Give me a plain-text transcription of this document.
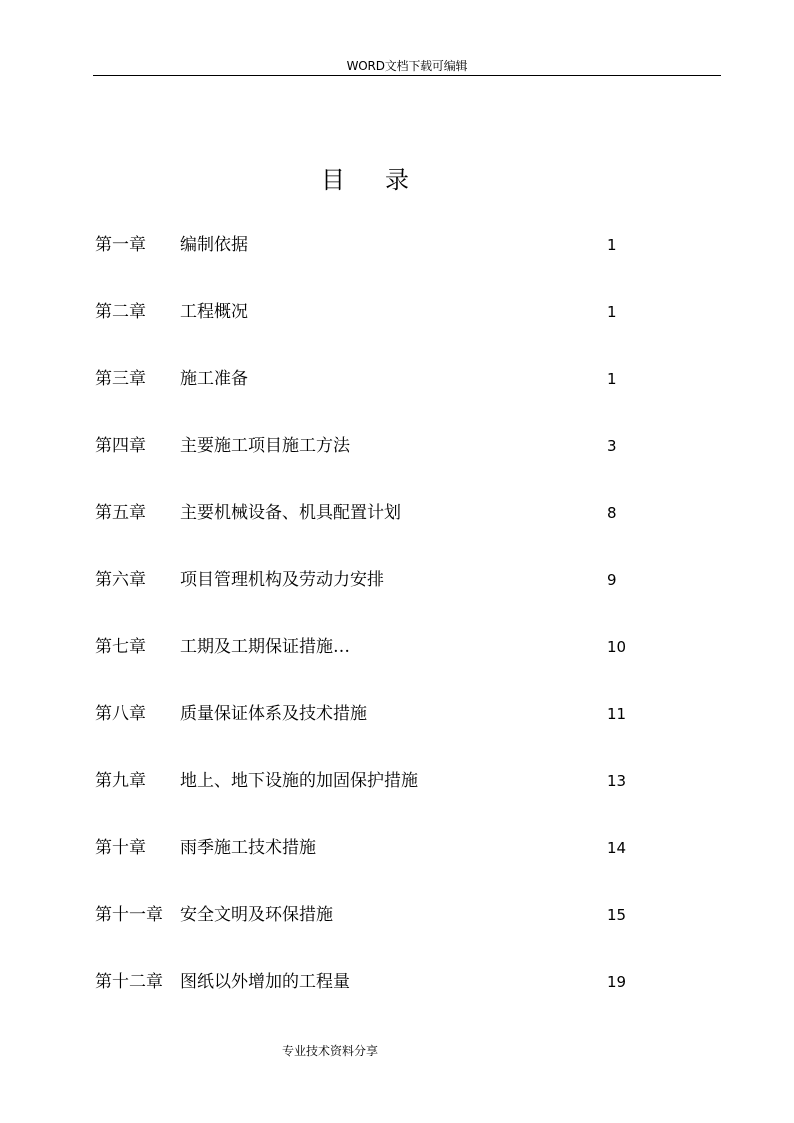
WORD文档下载可编辑
目 录
第一章 编制依据	1
第二章 工程概况	1
第三章 施工准备	1
第四章 主要施工项目施工方法	3
第五章 主要机械设备、机具配置计划	8
第六章 项目管理机构及劳动力安排	9
第七章 工期及工期保证措施…	10
第八章 质量保证体系及技术措施	11
第九章 地上、地下设施的加固保护措施	13
第十章 雨季施工技术措施	14
第十一章 安全文明及环保措施	15
第十二章 图纸以外增加的工程量	19
专业技术资料分享
